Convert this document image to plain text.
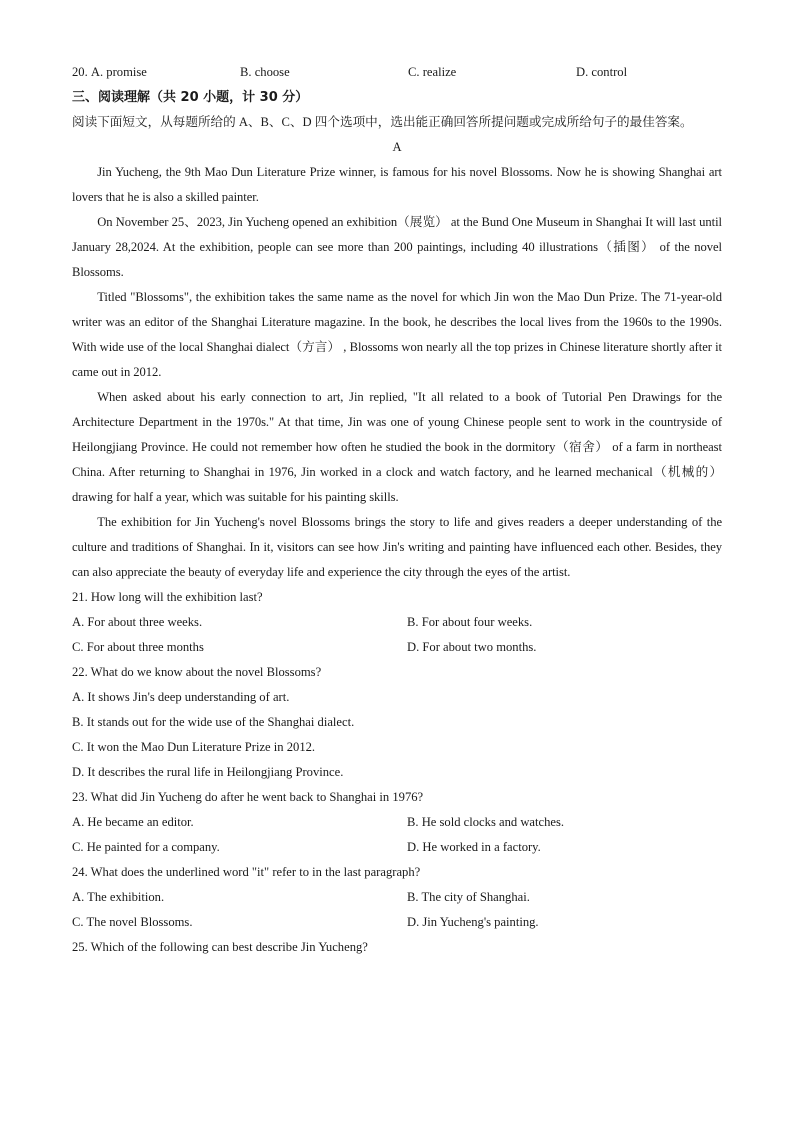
20. A. promise	B. choose	C. realize	D. control
三、阅读理解（共 20 小题，计 30 分）
阅读下面短文，从每题所给的 A、B、C、D 四个选项中，选出能正确回答所提问题或完成所给句子的最佳答案。
A

Jin Yucheng, the 9th Mao Dun Literature Prize winner, is famous for his novel Blossoms. Now he is showing Shanghai art lovers that he is also a skilled painter.

On November 25、2023, Jin Yucheng opened an exhibition（展览） at the Bund One Museum in Shanghai It will last until January 28,2024. At the exhibition, people can see more than 200 paintings, including 40 illustrations（插图） of the novel Blossoms.

Titled "Blossoms", the exhibition takes the same name as the novel for which Jin won the Mao Dun Prize. The 71-year-old writer was an editor of the Shanghai Literature magazine. In the book, he describes the local lives from the 1960s to the 1990s. With wide use of the local Shanghai dialect（方言） , Blossoms won nearly all the top prizes in Chinese literature shortly after it came out in 2012.

When asked about his early connection to art, Jin replied, "It all related to a book of Tutorial Pen Drawings for the Architecture Department in the 1970s." At that time, Jin was one of young Chinese people sent to work in the countryside of Heilongjiang Province. He could not remember how often he studied the book in the dormitory（宿舍） of a farm in northeast China. After returning to Shanghai in 1976, Jin worked in a clock and watch factory, and he learned mechanical（机械的） drawing for half a year, which was suitable for his painting skills.

The exhibition for Jin Yucheng's novel Blossoms brings the story to life and gives readers a deeper understanding of the culture and traditions of Shanghai. In it, visitors can see how Jin's writing and painting have influenced each other. Besides, they can also appreciate the beauty of everyday life and experience the city through the eyes of the artist.

21. How long will the exhibition last?
A. For about three weeks.	B. For about four weeks.
C. For about three months	D. For about two months.
22. What do we know about the novel Blossoms?
A. It shows Jin's deep understanding of art.
B. It stands out for the wide use of the Shanghai dialect.
C. It won the Mao Dun Literature Prize in 2012.
D. It describes the rural life in Heilongjiang Province.
23. What did Jin Yucheng do after he went back to Shanghai in 1976?
A. He became an editor.	B. He sold clocks and watches.
C. He painted for a company.	D. He worked in a factory.
24. What does the underlined word "it" refer to in the last paragraph?
A. The exhibition.	B. The city of Shanghai.
C. The novel Blossoms.	D. Jin Yucheng's painting.
25. Which of the following can best describe Jin Yucheng?
